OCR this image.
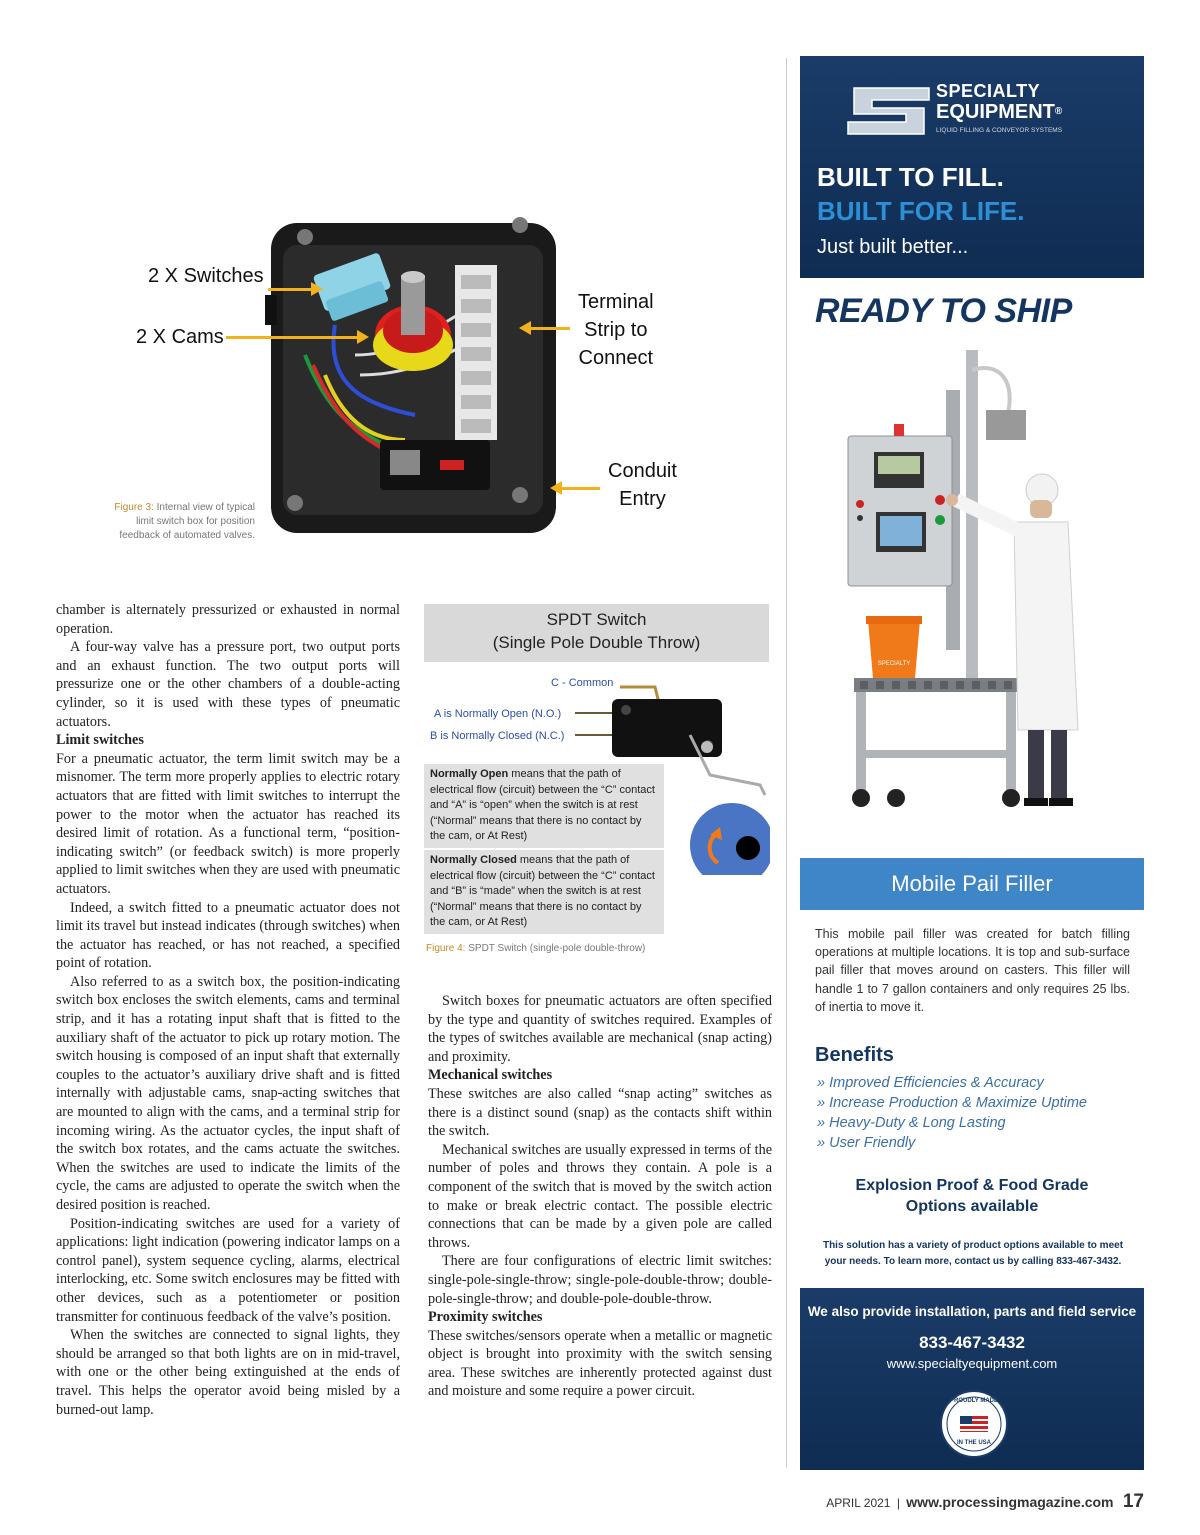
2 X Switches
2 X Cams
Terminal
Strip to
Connect
Conduit
Entry
Figure 3: Internal view of typical limit switch box for position feedback of automated valves.

chamber is alternately pressurized or exhausted in normal operation.

A four-way valve has a pressure port, two output ports and an exhaust function. The two output ports will pressurize one or the other chambers of a double-acting cylinder, so it is used with these types of pneumatic actuators.

Limit switches

For a pneumatic actuator, the term limit switch may be a misnomer. The term more properly applies to electric rotary actuators that are fitted with limit switches to interrupt the power to the motor when the actuator has reached its desired limit of rotation. As a functional term, “position-indicating switch” (or feedback switch) is more properly applied to limit switches when they are used with pneumatic actuators.

Indeed, a switch fitted to a pneumatic actuator does not limit its travel but instead indicates (through switches) when the actuator has reached, or has not reached, a specified point of rotation.

Also referred to as a switch box, the position-indicating switch box encloses the switch elements, cams and terminal strip, and it has a rotating input shaft that is fitted to the auxiliary shaft of the actuator to pick up rotary motion. The switch housing is composed of an input shaft that externally couples to the actuator’s auxiliary drive shaft and is fitted internally with adjustable cams, snap-acting switches that are mounted to align with the cams, and a terminal strip for incoming wiring. As the actuator cycles, the input shaft of the switch box rotates, and the cams actuate the switches. When the switches are used to indicate the limits of the cycle, the cams are adjusted to operate the switch when the desired position is reached.

Position-indicating switches are used for a variety of applications: light indication (powering indicator lamps on a control panel), system sequence cycling, alarms, electrical interlocking, etc. Some switch enclosures may be fitted with other devices, such as a potentiometer or position transmitter for continuous feedback of the valve’s position.

When the switches are connected to signal lights, they should be arranged so that both lights are on in mid-travel, with one or the other being extinguished at the ends of travel. This helps the operator avoid being misled by a burned-out lamp.

SPDT Switch
(Single Pole Double Throw)
C - Common
A is Normally Open (N.O.)
B is Normally Closed (N.C.)
Normally Open means that the path of electrical flow (circuit) between the “C” contact and “A” is “open” when the switch is at rest (“Normal” means that there is no contact by the cam, or At Rest)
Normally Closed means that the path of electrical flow (circuit) between the “C” contact and “B” is “made” when the switch is at rest (“Normal” means that there is no contact by the cam, or At Rest)
Figure 4: SPDT Switch (single-pole double-throw)

Switch boxes for pneumatic actuators are often specified by the type and quantity of switches required. Examples of the types of switches available are mechanical (snap acting) and proximity.

Mechanical switches

These switches are also called “snap acting” switches as there is a distinct sound (snap) as the contacts shift within the switch.

Mechanical switches are usually expressed in terms of the number of poles and throws they contain. A pole is a component of the switch that is moved by the switch action to make or break electric contact. The possible electric connections that can be made by a given pole are called throws.

There are four configurations of electric limit switches: single-pole-single-throw; single-pole-double-throw; double-pole-single-throw; and double-pole-double-throw.

Proximity switches

These switches/sensors operate when a metallic or magnetic object is brought into proximity with the switch sensing area. These switches are inherently protected against dust and moisture and some require a power circuit.

SPECIALTY
EQUIPMENT®
LIQUID FILLING & CONVEYOR SYSTEMS
BUILT TO FILL.
BUILT FOR LIFE.
Just built better...
READY TO SHIP
SPECIALTY
Mobile Pail Filler
This mobile pail filler was created for batch filling operations at multiple locations. It is top and sub-surface pail filler that moves around on casters. This filler will handle 1 to 7 gallon containers and only requires 25 lbs. of inertia to move it.
Benefits
» Improved Efficiencies & Accuracy
» Increase Production & Maximize Uptime
» Heavy-Duty & Long Lasting
» User Friendly
Explosion Proof & Food Grade
Options available
This solution has a variety of product options available to meet your needs. To learn more, contact us by calling 833-467-3432.
We also provide installation, parts and field service
833-467-3432
www.specialtyequipment.com
PROUDLY MADE
IN THE USA
APRIL 2021 | www.processingmagazine.com 17
